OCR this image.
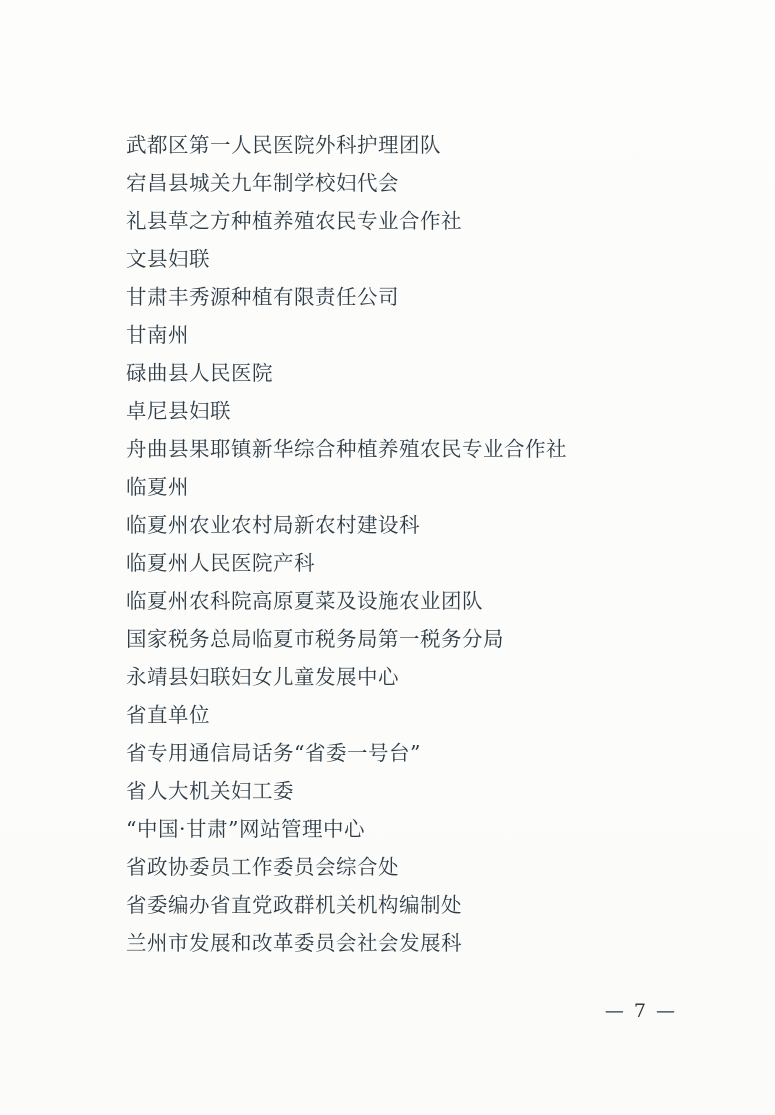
武都区第一人民医院外科护理团队
宕昌县城关九年制学校妇代会
礼县草之方种植养殖农民专业合作社
文县妇联
甘肃丰秀源种植有限责任公司
甘南州
碌曲县人民医院
卓尼县妇联
舟曲县果耶镇新华综合种植养殖农民专业合作社
临夏州
临夏州农业农村局新农村建设科
临夏州人民医院产科
临夏州农科院高原夏菜及设施农业团队
国家税务总局临夏市税务局第一税务分局
永靖县妇联妇女儿童发展中心
省直单位
省专用通信局话务“省委一号台”
省人大机关妇工委
“中国·甘肃”网站管理中心
省政协委员工作委员会综合处
省委编办省直党政群机关机构编制处
兰州市发展和改革委员会社会发展科
— 7 —
